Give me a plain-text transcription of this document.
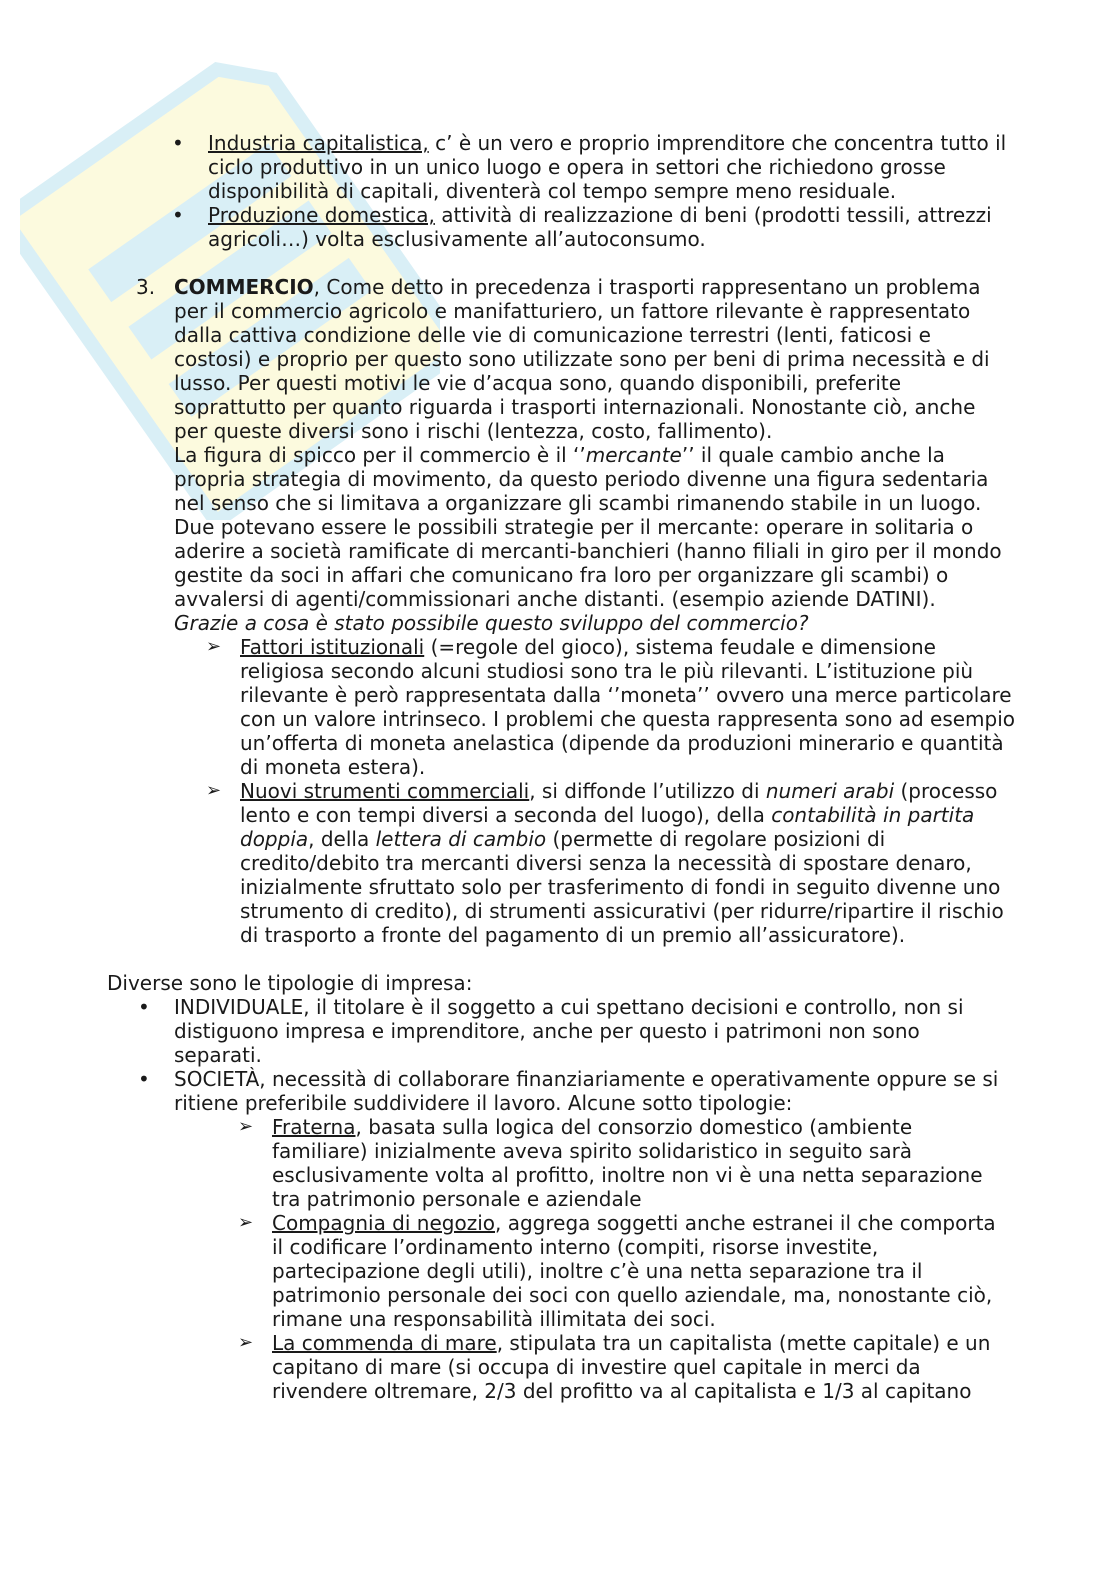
• Industria capitalistica, c’ è un vero e proprio imprenditore che concentra tutto il ciclo produttivo in un unico luogo e opera in settori che richiedono grosse disponibilità di capitali, diventerà col tempo sempre meno residuale.
• Produzione domestica, attività di realizzazione di beni (prodotti tessili, attrezzi agricoli…) volta esclusivamente all’autoconsumo.
3. COMMERCIO, Come detto in precedenza i trasporti rappresentano un problema per il commercio agricolo e manifatturiero, un fattore rilevante è rappresentato dalla cattiva condizione delle vie di comunicazione terrestri (lenti, faticosi e costosi) e proprio per questo sono utilizzate sono per beni di prima necessità e di lusso. Per questi motivi le vie d’acqua sono, quando disponibili, preferite soprattutto per quanto riguarda i trasporti internazionali. Nonostante ciò, anche per queste diversi sono i rischi (lentezza, costo, fallimento).
La figura di spicco per il commercio è il ‘’mercante’’ il quale cambio anche la propria strategia di movimento, da questo periodo divenne una figura sedentaria nel senso che si limitava a organizzare gli scambi rimanendo stabile in un luogo. Due potevano essere le possibili strategie per il mercante: operare in solitaria o aderire a società ramificate di mercanti-banchieri (hanno filiali in giro per il mondo gestite da soci in affari che comunicano fra loro per organizzare gli scambi) o avvalersi di agenti/commissionari anche distanti. (esempio aziende DATINI).
Grazie a cosa è stato possibile questo sviluppo del commercio?
➢ Fattori istituzionali (=regole del gioco), sistema feudale e dimensione religiosa secondo alcuni studiosi sono tra le più rilevanti. L’istituzione più rilevante è però rappresentata dalla ‘’moneta’’ ovvero una merce particolare con un valore intrinseco. I problemi che questa rappresenta sono ad esempio un’offerta di moneta anelastica (dipende da produzioni minerario e quantità di moneta estera).
➢ Nuovi strumenti commerciali, si diffonde l’utilizzo di numeri arabi (processo lento e con tempi diversi a seconda del luogo), della contabilità in partita doppia, della lettera di cambio (permette di regolare posizioni di credito/debito tra mercanti diversi senza la necessità di spostare denaro, inizialmente sfruttato solo per trasferimento di fondi in seguito divenne uno strumento di credito), di strumenti assicurativi (per ridurre/ripartire il rischio di trasporto a fronte del pagamento di un premio all’assicuratore).
Diverse sono le tipologie di impresa:
• INDIVIDUALE, il titolare è il soggetto a cui spettano decisioni e controllo, non si distiguono impresa e imprenditore, anche per questo i patrimoni non sono separati.
• SOCIETÀ, necessità di collaborare finanziariamente e operativamente oppure se si ritiene preferibile suddividere il lavoro. Alcune sotto tipologie:
➢ Fraterna, basata sulla logica del consorzio domestico (ambiente familiare) inizialmente aveva spirito solidaristico in seguito sarà esclusivamente volta al profitto, inoltre non vi è una netta separazione tra patrimonio personale e aziendale
➢ Compagnia di negozio, aggrega soggetti anche estranei il che comporta il codificare l’ordinamento interno (compiti, risorse investite, partecipazione degli utili), inoltre c’è una netta separazione tra il patrimonio personale dei soci con quello aziendale, ma, nonostante ciò, rimane una responsabilità illimitata dei soci.
➢ La commenda di mare, stipulata tra un capitalista (mette capitale) e un capitano di mare (si occupa di investire quel capitale in merci da rivendere oltremare, 2/3 del profitto va al capitalista e 1/3 al capitano
